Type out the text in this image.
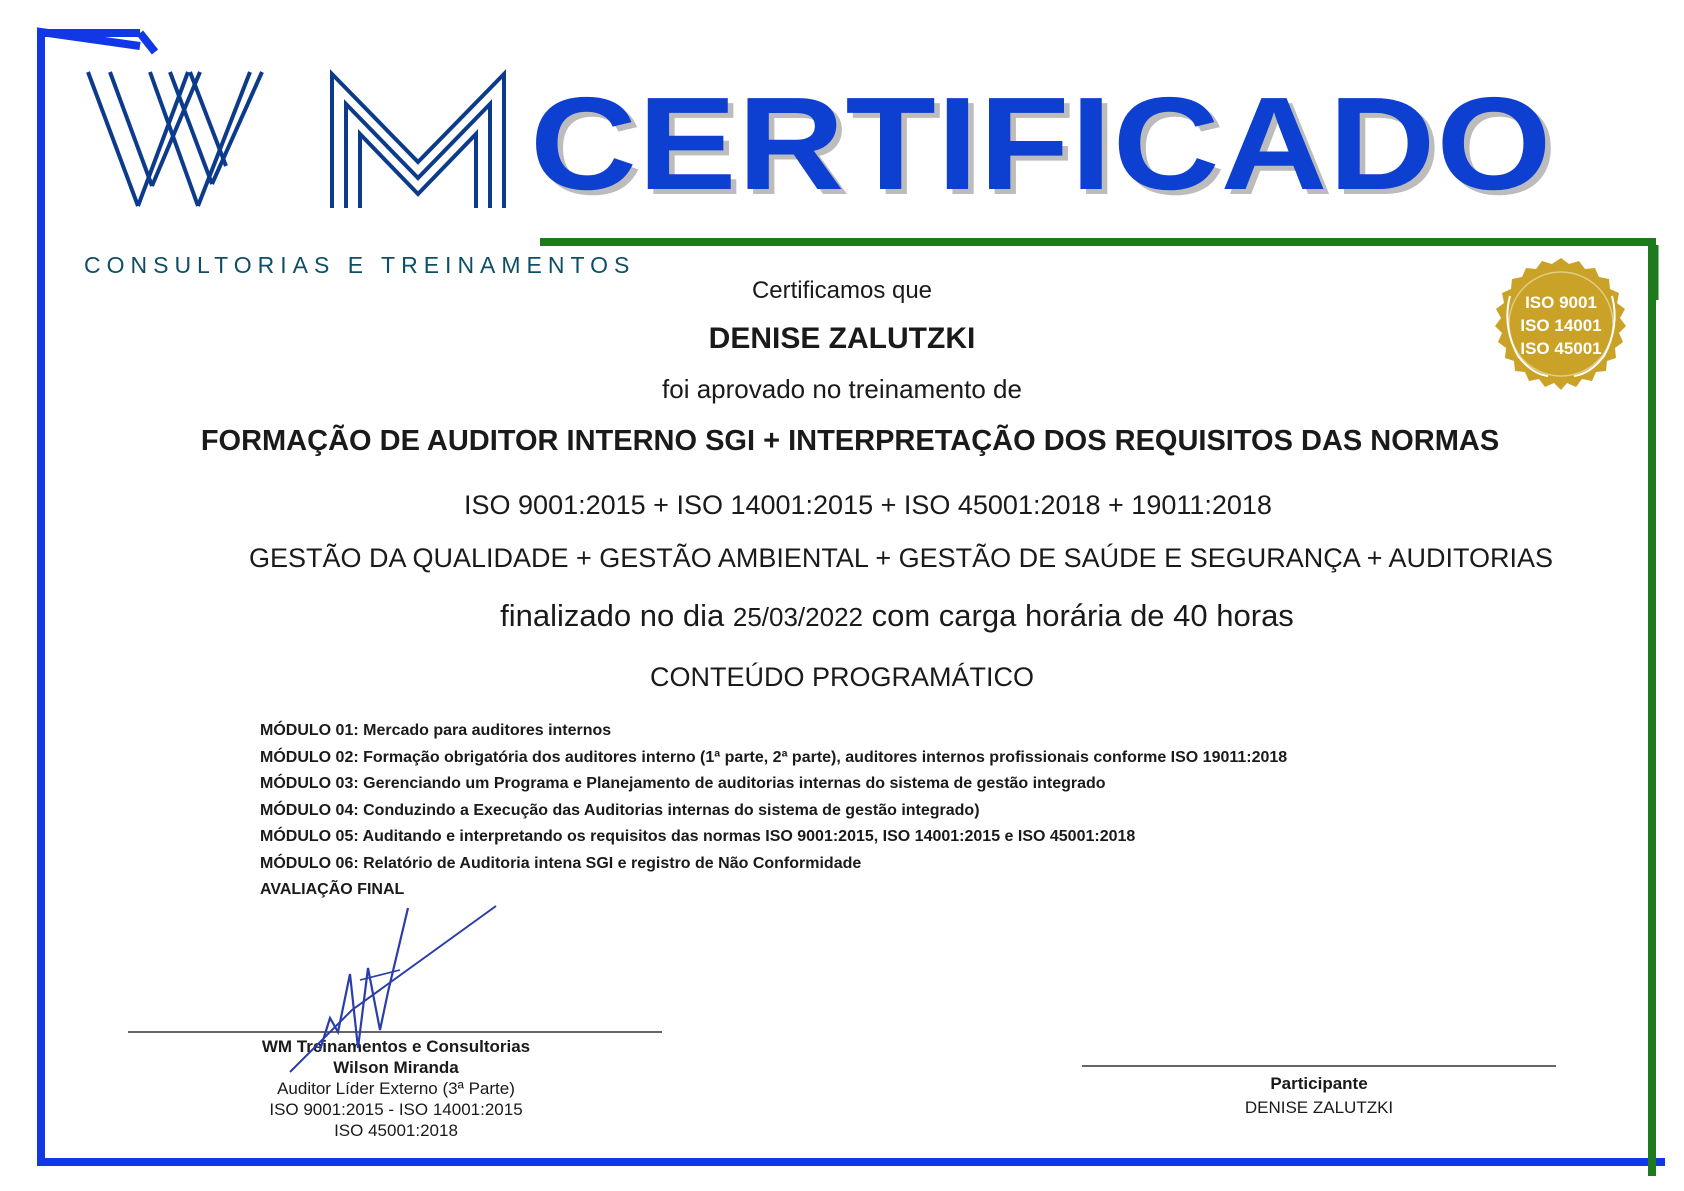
CONSULTORIAS E TREINAMENTOS
CERTIFICADO
ISO 9001
ISO 14001
ISO 45001
Certificamos que
DENISE ZALUTZKI
foi aprovado no treinamento de
FORMAÇÃO DE AUDITOR INTERNO SGI + INTERPRETAÇÃO DOS REQUISITOS DAS NORMAS
ISO 9001:2015 + ISO 14001:2015 + ISO 45001:2018 + 19011:2018
GESTÃO DA QUALIDADE + GESTÃO AMBIENTAL + GESTÃO DE SAÚDE E SEGURANÇA + AUDITORIAS
finalizado no dia 25/03/2022 com carga horária de 40 horas
CONTEÚDO PROGRAMÁTICO
MÓDULO 01: Mercado para auditores internos
MÓDULO 02: Formação obrigatória dos auditores interno (1ª parte, 2ª parte), auditores internos profissionais conforme ISO 19011:2018
MÓDULO 03: Gerenciando um Programa e Planejamento de auditorias internas do sistema de gestão integrado
MÓDULO 04: Conduzindo a Execução das Auditorias internas do sistema de gestão integrado)
MÓDULO 05: Auditando e interpretando os requisitos das normas ISO 9001:2015, ISO 14001:2015 e ISO 45001:2018
MÓDULO 06: Relatório de Auditoria intena SGI e registro de Não Conformidade
AVALIAÇÃO FINAL
WM Treinamentos e Consultorias
Wilson Miranda
Auditor Líder Externo (3ª Parte)
ISO 9001:2015 - ISO 14001:2015
ISO 45001:2018
Participante
DENISE ZALUTZKI
